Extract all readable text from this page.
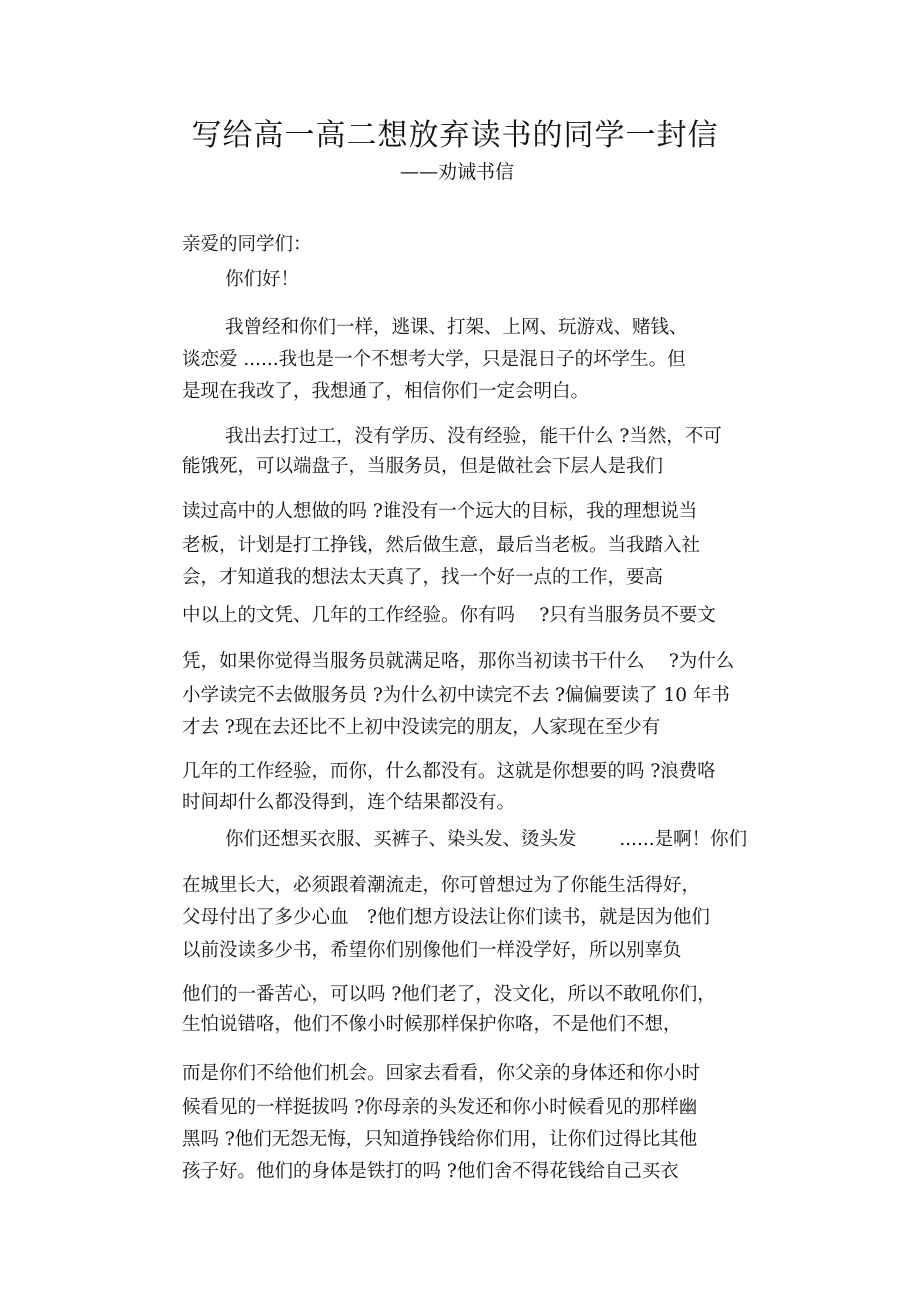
写给高一高二想放弃读书的同学一封信
——劝诫书信
亲爱的同学们：
你们好！
我曾经和你们一样，逃课、打架、上网、玩游戏、赌钱、
谈恋爱 ......我也是一个不想考大学，只是混日子的坏学生。但
是现在我改了，我想通了，相信你们一定会明白。
我出去打过工，没有学历、没有经验，能干什么 ?当然，不可
能饿死，可以端盘子，当服务员，但是做社会下层人是我们
读过高中的人想做的吗 ?谁没有一个远大的目标，我的理想说当
老板，计划是打工挣钱，然后做生意，最后当老板。当我踏入社
会，才知道我的想法太天真了，找一个好一点的工作，要高
中以上的文凭、几年的工作经验。你有吗　 ?只有当服务员不要文
凭，如果你觉得当服务员就满足咯，那你当初读书干什么　 ?为什么
小学读完不去做服务员 ?为什么初中读完不去 ?偏偏要读了 10 年书
才去 ?现在去还比不上初中没读完的朋友，人家现在至少有
几年的工作经验，而你，什么都没有。这就是你想要的吗 ?浪费咯
时间却什么都没得到，连个结果都没有。
你们还想买衣服、买裤子、染头发、烫头发　　 ......是啊！你们
在城里长大，必须跟着潮流走，你可曾想过为了你能生活得好，
父母付出了多少心血　?他们想方设法让你们读书，就是因为他们
以前没读多少书，希望你们别像他们一样没学好，所以别辜负
他们的一番苦心，可以吗 ?他们老了，没文化，所以不敢吼你们，
生怕说错咯，他们不像小时候那样保护你咯，不是他们不想，
而是你们不给他们机会。回家去看看，你父亲的身体还和你小时
候看见的一样挺拔吗 ?你母亲的头发还和你小时候看见的那样幽
黑吗 ?他们无怨无悔，只知道挣钱给你们用，让你们过得比其他
孩子好。他们的身体是铁打的吗 ?他们舍不得花钱给自己买衣
